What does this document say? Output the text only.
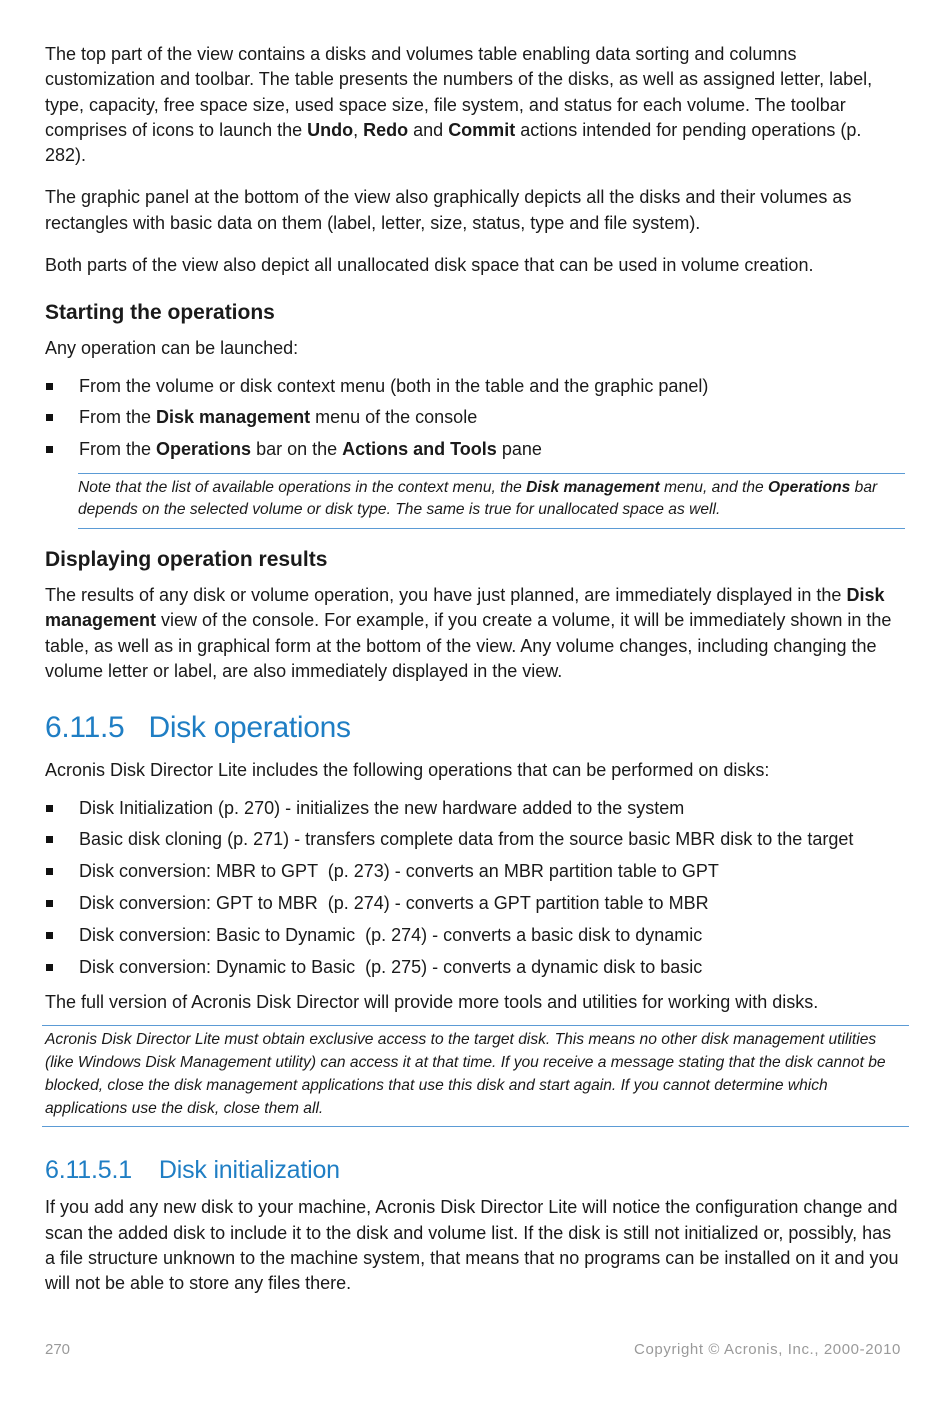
The top part of the view contains a disks and volumes table enabling data sorting and columns customization and toolbar. The table presents the numbers of the disks, as well as assigned letter, label, type, capacity, free space size, used space size, file system, and status for each volume. The toolbar comprises of icons to launch the Undo, Redo and Commit actions intended for pending operations (p. 282).

The graphic panel at the bottom of the view also graphically depicts all the disks and their volumes as rectangles with basic data on them (label, letter, size, status, type and file system).

Both parts of the view also depict all unallocated disk space that can be used in volume creation.

Starting the operations

Any operation can be launched:

From the volume or disk context menu (both in the table and the graphic panel)
From the Disk management menu of the console
From the Operations bar on the Actions and Tools pane
Note that the list of available operations in the context menu, the Disk management menu, and the Operations bar depends on the selected volume or disk type. The same is true for unallocated space as well.
Displaying operation results

The results of any disk or volume operation, you have just planned, are immediately displayed in the Disk management view of the console. For example, if you create a volume, it will be immediately shown in the table, as well as in graphical form at the bottom of the view. Any volume changes, including changing the volume letter or label, are also immediately displayed in the view.

6.11.5   Disk operations

Acronis Disk Director Lite includes the following operations that can be performed on disks:

Disk Initialization (p. 270) - initializes the new hardware added to the system
Basic disk cloning (p. 271) - transfers complete data from the source basic MBR disk to the target
Disk conversion: MBR to GPT  (p. 273) - converts an MBR partition table to GPT
Disk conversion: GPT to MBR  (p. 274) - converts a GPT partition table to MBR
Disk conversion: Basic to Dynamic  (p. 274) - converts a basic disk to dynamic
Disk conversion: Dynamic to Basic  (p. 275) - converts a dynamic disk to basic

The full version of Acronis Disk Director will provide more tools and utilities for working with disks.

Acronis Disk Director Lite must obtain exclusive access to the target disk. This means no other disk management utilities (like Windows Disk Management utility) can access it at that time. If you receive a message stating that the disk cannot be blocked, close the disk management applications that use this disk and start again. If you cannot determine which applications use the disk, close them all.
6.11.5.1    Disk initialization

If you add any new disk to your machine, Acronis Disk Director Lite will notice the configuration change and scan the added disk to include it to the disk and volume list. If the disk is still not initialized or, possibly, has a file structure unknown to the machine system, that means that no programs can be installed on it and you will not be able to store any files there.

270	Copyright © Acronis, Inc., 2000-2010
